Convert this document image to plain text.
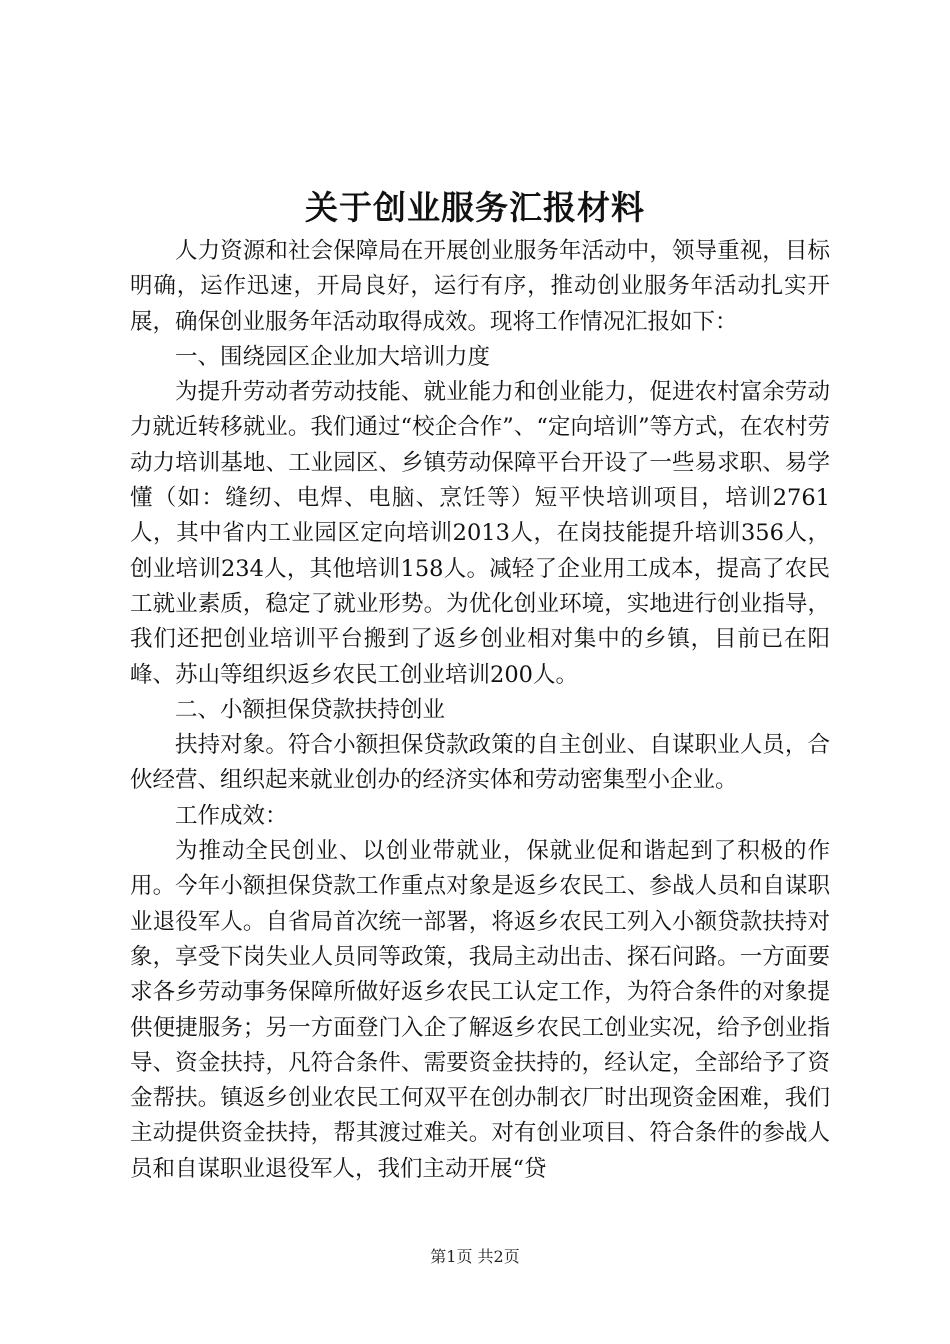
关于创业服务汇报材料

人力资源和社会保障局在开展创业服务年活动中，领导重视，目标明确，运作迅速，开局良好，运行有序，推动创业服务年活动扎实开展，确保创业服务年活动取得成效。现将工作情况汇报如下：

一、围绕园区企业加大培训力度

为提升劳动者劳动技能、就业能力和创业能力，促进农村富余劳动力就近转移就业。我们通过“校企合作”、“定向培训”等方式，在农村劳动力培训基地、工业园区、乡镇劳动保障平台开设了一些易求职、易学懂（如：缝纫、电焊、电脑、烹饪等）短平快培训项目，培训2761人，其中省内工业园区定向培训2013人，在岗技能提升培训356人，创业培训234人，其他培训158人。减轻了企业用工成本，提高了农民工就业素质，稳定了就业形势。为优化创业环境，实地进行创业指导，我们还把创业培训平台搬到了返乡创业相对集中的乡镇，目前已在阳峰、苏山等组织返乡农民工创业培训200人。

二、小额担保贷款扶持创业

扶持对象。符合小额担保贷款政策的自主创业、自谋职业人员，合伙经营、组织起来就业创办的经济实体和劳动密集型小企业。

工作成效：

为推动全民创业、以创业带就业，保就业促和谐起到了积极的作用。今年小额担保贷款工作重点对象是返乡农民工、参战人员和自谋职业退役军人。自省局首次统一部署，将返乡农民工列入小额贷款扶持对象，享受下岗失业人员同等政策，我局主动出击、探石问路。一方面要求各乡劳动事务保障所做好返乡农民工认定工作，为符合条件的对象提供便捷服务；另一方面登门入企了解返乡农民工创业实况，给予创业指导、资金扶持，凡符合条件、需要资金扶持的，经认定，全部给予了资金帮扶。镇返乡创业农民工何双平在创办制衣厂时出现资金困难，我们主动提供资金扶持，帮其渡过难关。对有创业项目、符合条件的参战人员和自谋职业退役军人，我们主动开展“贷

第1页 共2页
